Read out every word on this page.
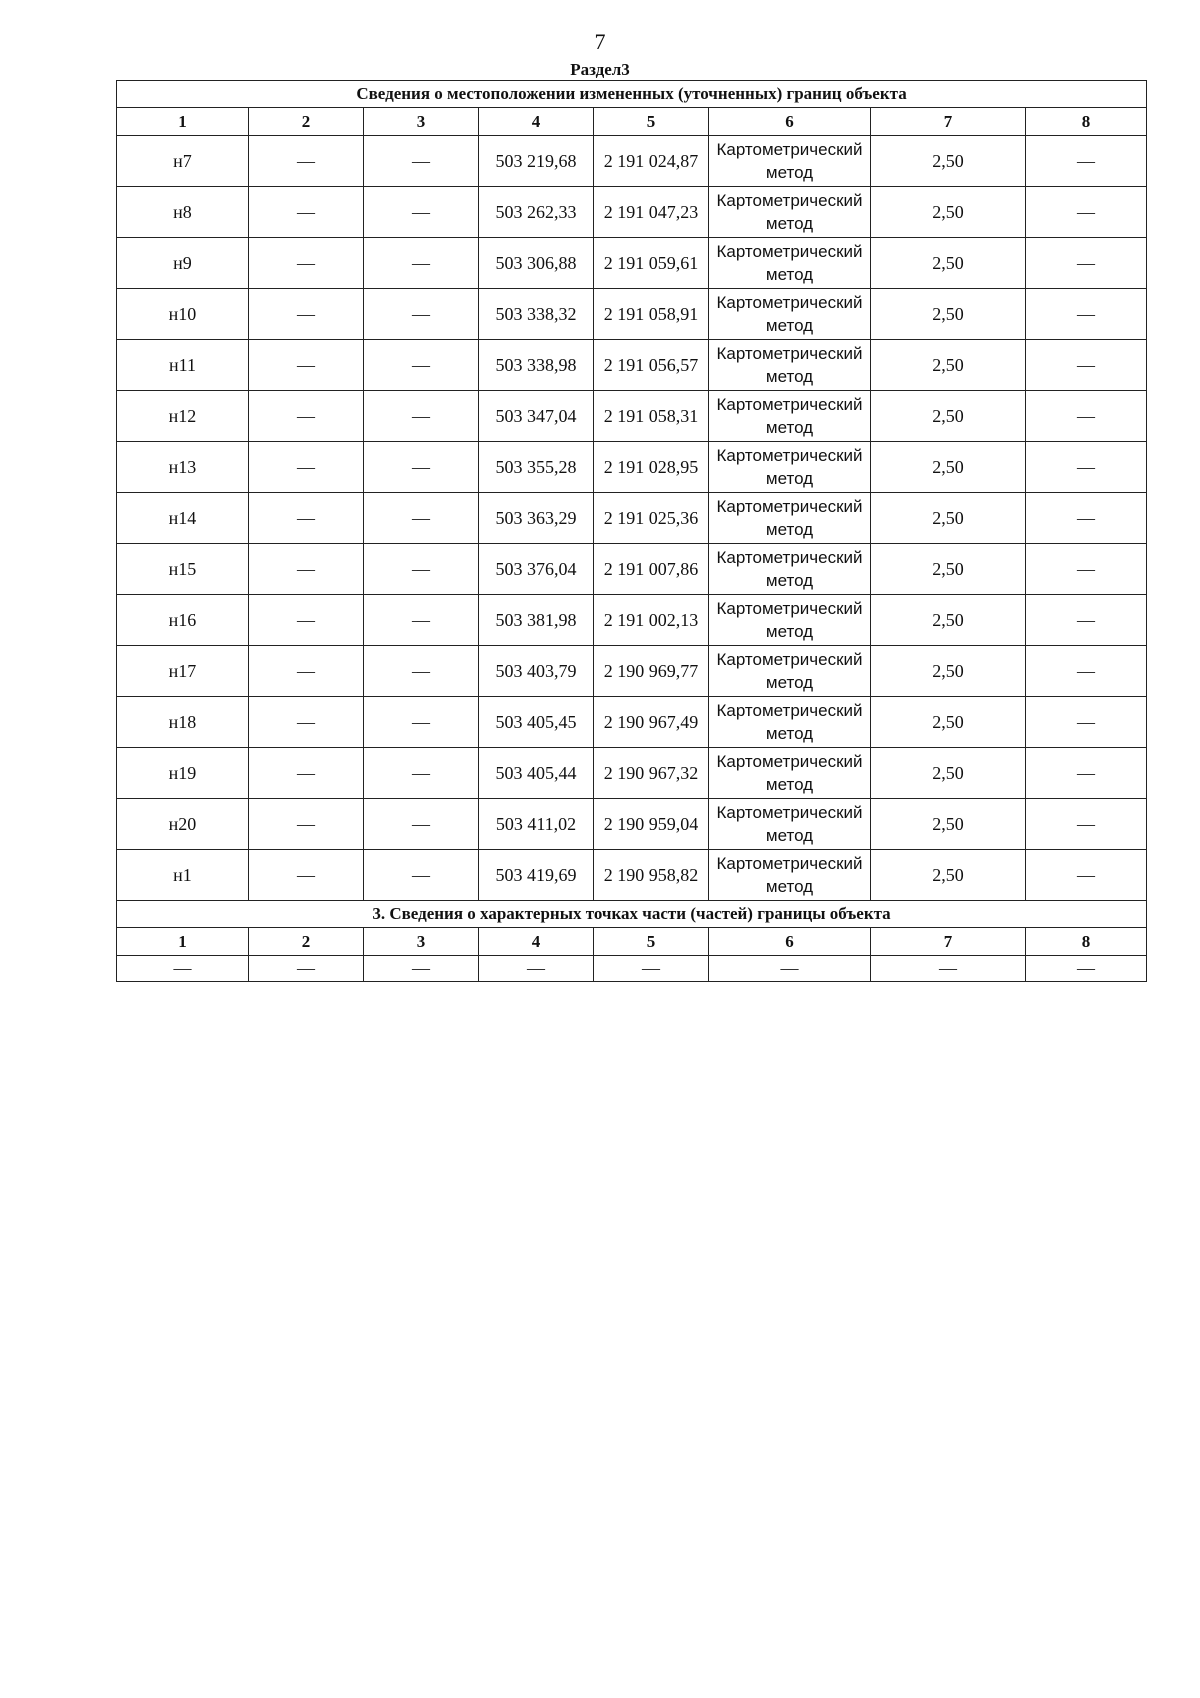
7
Раздел3
Сведения о местоположении измененных (уточненных) границ объекта							
1	2	3	4	5	6	7	8
н7	—	—	503 219,68	2 191 024,87	Картометрический метод	2,50	—
н8	—	—	503 262,33	2 191 047,23	Картометрический метод	2,50	—
н9	—	—	503 306,88	2 191 059,61	Картометрический метод	2,50	—
н10	—	—	503 338,32	2 191 058,91	Картометрический метод	2,50	—
н11	—	—	503 338,98	2 191 056,57	Картометрический метод	2,50	—
н12	—	—	503 347,04	2 191 058,31	Картометрический метод	2,50	—
н13	—	—	503 355,28	2 191 028,95	Картометрический метод	2,50	—
н14	—	—	503 363,29	2 191 025,36	Картометрический метод	2,50	—
н15	—	—	503 376,04	2 191 007,86	Картометрический метод	2,50	—
н16	—	—	503 381,98	2 191 002,13	Картометрический метод	2,50	—
н17	—	—	503 403,79	2 190 969,77	Картометрический метод	2,50	—
н18	—	—	503 405,45	2 190 967,49	Картометрический метод	2,50	—
н19	—	—	503 405,44	2 190 967,32	Картометрический метод	2,50	—
н20	—	—	503 411,02	2 190 959,04	Картометрический метод	2,50	—
н1	—	—	503 419,69	2 190 958,82	Картометрический метод	2,50	—
3. Сведения о характерных точках части (частей) границы объекта							
1	2	3	4	5	6	7	8
—	—	—	—	—	—	—	—
